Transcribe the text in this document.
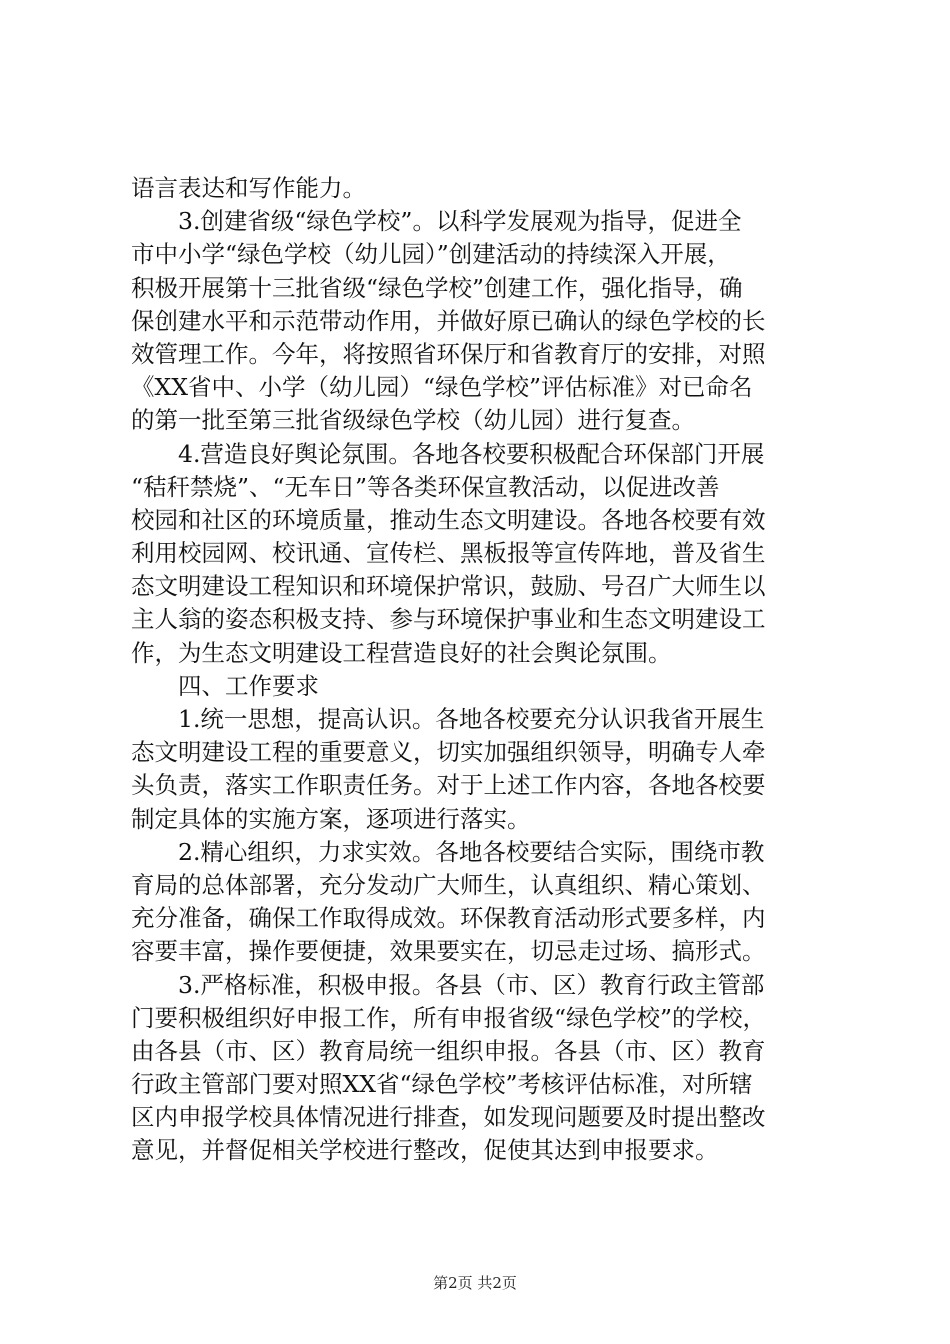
语言表达和写作能力。
3.创建省级“绿色学校”。以科学发展观为指导，促进全
市中小学“绿色学校（幼儿园）”创建活动的持续深入开展，
积极开展第十三批省级“绿色学校”创建工作，强化指导，确
保创建水平和示范带动作用，并做好原已确认的绿色学校的长
效管理工作。今年，将按照省环保厅和省教育厅的安排，对照
《XX省中、小学（幼儿园）“绿色学校”评估标准》对已命名
的第一批至第三批省级绿色学校（幼儿园）进行复查。
4.营造良好舆论氛围。各地各校要积极配合环保部门开展
“秸秆禁烧”、“无车日”等各类环保宣教活动，以促进改善
校园和社区的环境质量，推动生态文明建设。各地各校要有效
利用校园网、校讯通、宣传栏、黑板报等宣传阵地，普及省生
态文明建设工程知识和环境保护常识，鼓励、号召广大师生以
主人翁的姿态积极支持、参与环境保护事业和生态文明建设工
作，为生态文明建设工程营造良好的社会舆论氛围。
四、工作要求
1.统一思想，提高认识。各地各校要充分认识我省开展生
态文明建设工程的重要意义，切实加强组织领导，明确专人牵
头负责，落实工作职责任务。对于上述工作内容，各地各校要
制定具体的实施方案，逐项进行落实。
2.精心组织，力求实效。各地各校要结合实际，围绕市教
育局的总体部署，充分发动广大师生，认真组织、精心策划、
充分准备，确保工作取得成效。环保教育活动形式要多样，内
容要丰富，操作要便捷，效果要实在，切忌走过场、搞形式。
3.严格标准，积极申报。各县（市、区）教育行政主管部
门要积极组织好申报工作，所有申报省级“绿色学校”的学校，
由各县（市、区）教育局统一组织申报。各县（市、区）教育
行政主管部门要对照XX省“绿色学校”考核评估标准，对所辖
区内申报学校具体情况进行排查，如发现问题要及时提出整改
意见，并督促相关学校进行整改，促使其达到申报要求。
第2页 共2页
